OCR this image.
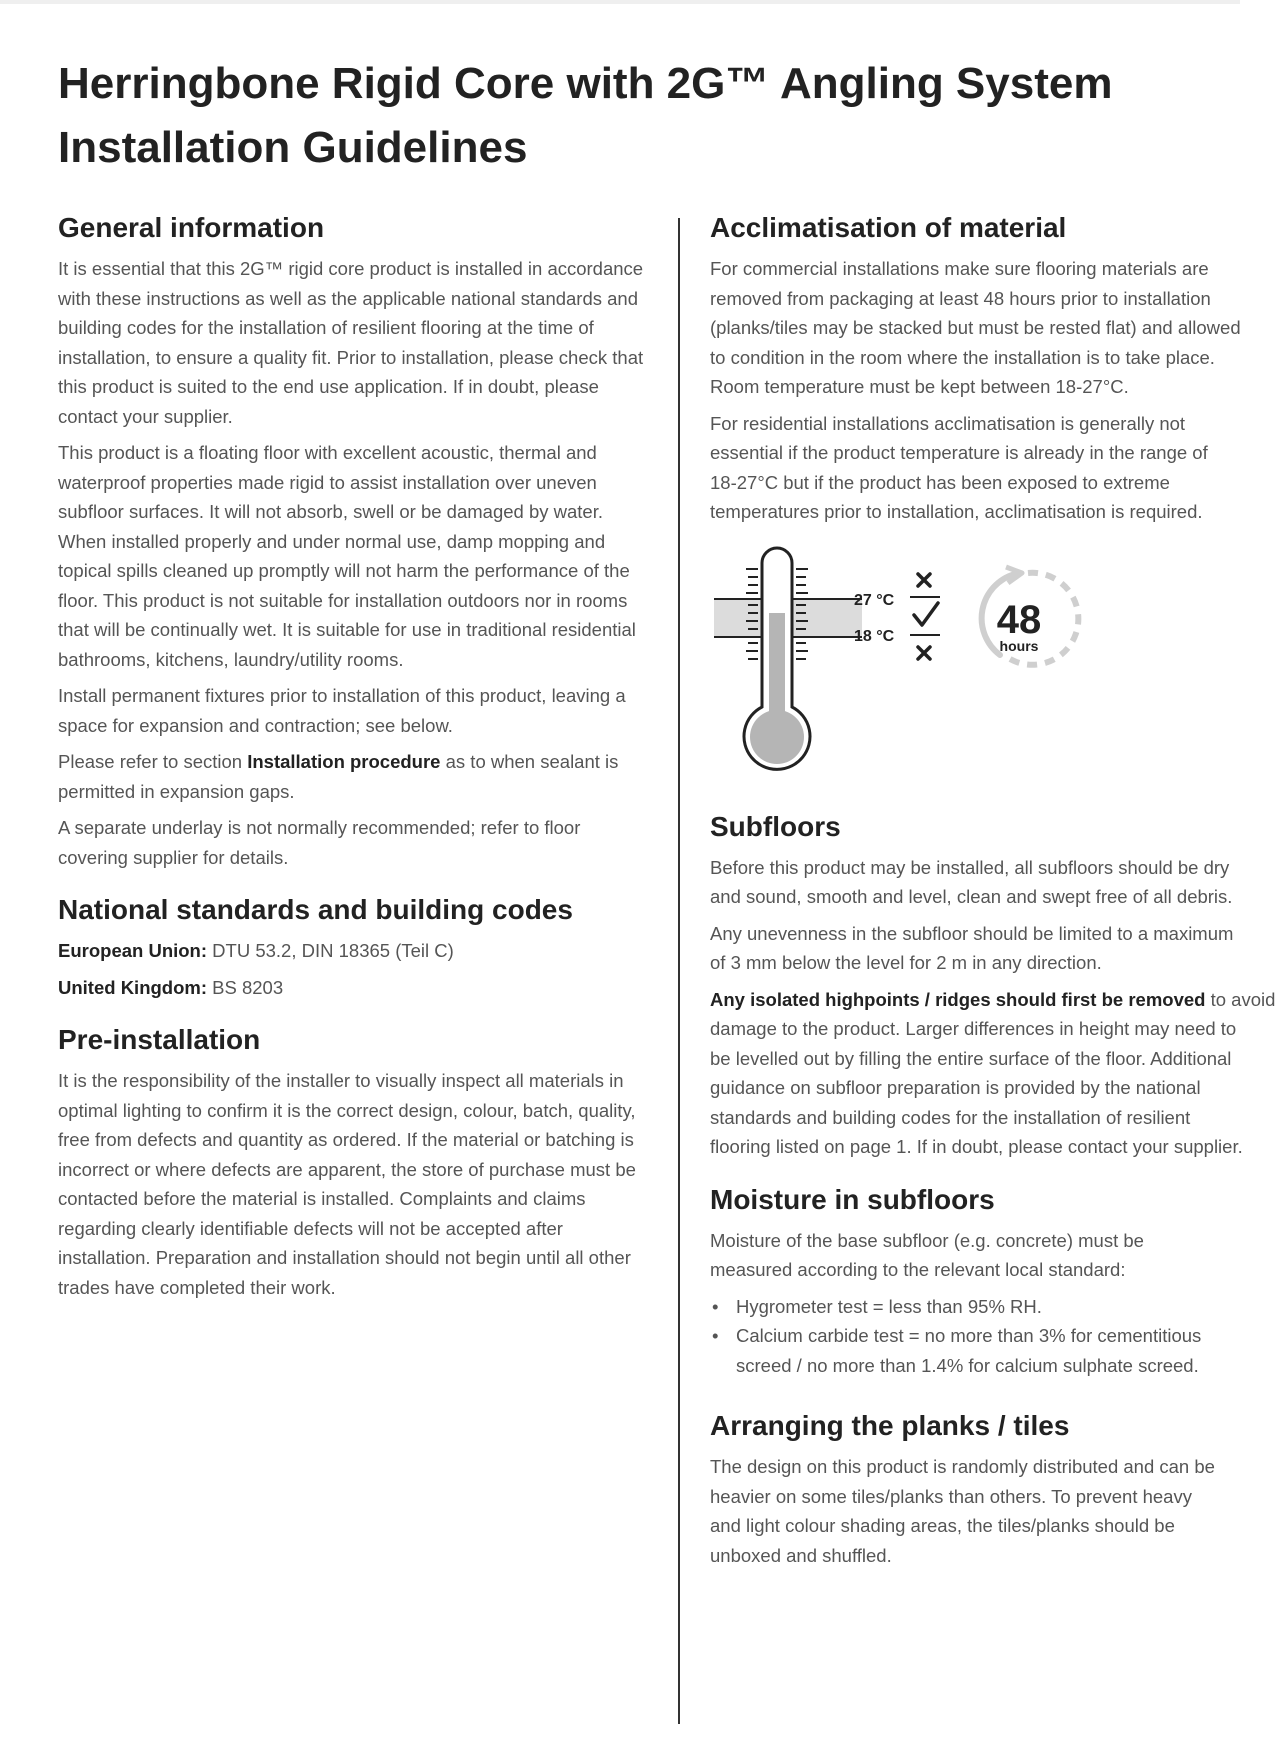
Herringbone Rigid Core with 2G™ Angling System
Installation Guidelines
General information

It is essential that this 2G™ rigid core product is installed in accordance with these instructions as well as the applicable national standards and building codes for the installation of resilient flooring at the time of installation, to ensure a quality fit. Prior to installation, please check that this product is suited to the end use application. If in doubt, please contact your supplier.

This product is a floating floor with excellent acoustic, thermal and waterproof properties made rigid to assist installation over uneven subfloor surfaces. It will not absorb, swell or be damaged by water. When installed properly and under normal use, damp mopping and topical spills cleaned up promptly will not harm the performance of the floor. This product is not suitable for installation outdoors nor in rooms that will be continually wet. It is suitable for use in traditional residential bathrooms, kitchens, laundry/utility rooms.

Install permanent fixtures prior to installation of this product, leaving a space for expansion and contraction; see below.

Please refer to section Installation procedure as to when sealant is permitted in expansion gaps.

A separate underlay is not normally recommended; refer to floor covering supplier for details.

National standards and building codes

European Union: DTU 53.2, DIN 18365 (Teil C)

United Kingdom: BS 8203

Pre-installation

It is the responsibility of the installer to visually inspect all materials in optimal lighting to confirm it is the correct design, colour, batch, quality, free from defects and quantity as ordered. If the material or batching is incorrect or where defects are apparent, the store of purchase must be contacted before the material is installed. Complaints and claims regarding clearly identifiable defects will not be accepted after installation. Preparation and installation should not begin until all other trades have completed their work.

Acclimatisation of material

For commercial installations make sure flooring materials are
removed from packaging at least 48 hours prior to installation
(planks/tiles may be stacked but must be rested flat) and allowed
to condition in the room where the installation is to take place.
Room temperature must be kept between 18-27°C.

For residential installations acclimatisation is generally not
essential if the product temperature is already in the range of
18-27°C but if the product has been exposed to extreme
temperatures prior to installation, acclimatisation is required.

27 °C
18 °C	48
hours
Subfloors

Before this product may be installed, all subfloors should be dry
and sound, smooth and level, clean and swept free of all debris.

Any unevenness in the subfloor should be limited to a maximum
of 3 mm below the level for 2 m in any direction.

Any isolated highpoints / ridges should first be removed to avoid
damage to the product. Larger differences in height may need to
be levelled out by filling the entire surface of the floor. Additional
guidance on subfloor preparation is provided by the national
standards and building codes for the installation of resilient
flooring listed on page 1. If in doubt, please contact your supplier.

Moisture in subfloors

Moisture of the base subfloor (e.g. concrete) must be
measured according to the relevant local standard:

• Hygrometer test = less than 95% RH.
• Calcium carbide test = no more than 3% for cementitious
screed / no more than 1.4% for calcium sulphate screed.
Arranging the planks / tiles

The design on this product is randomly distributed and can be
heavier on some tiles/planks than others. To prevent heavy
and light colour shading areas, the tiles/planks should be
unboxed and shuffled.
